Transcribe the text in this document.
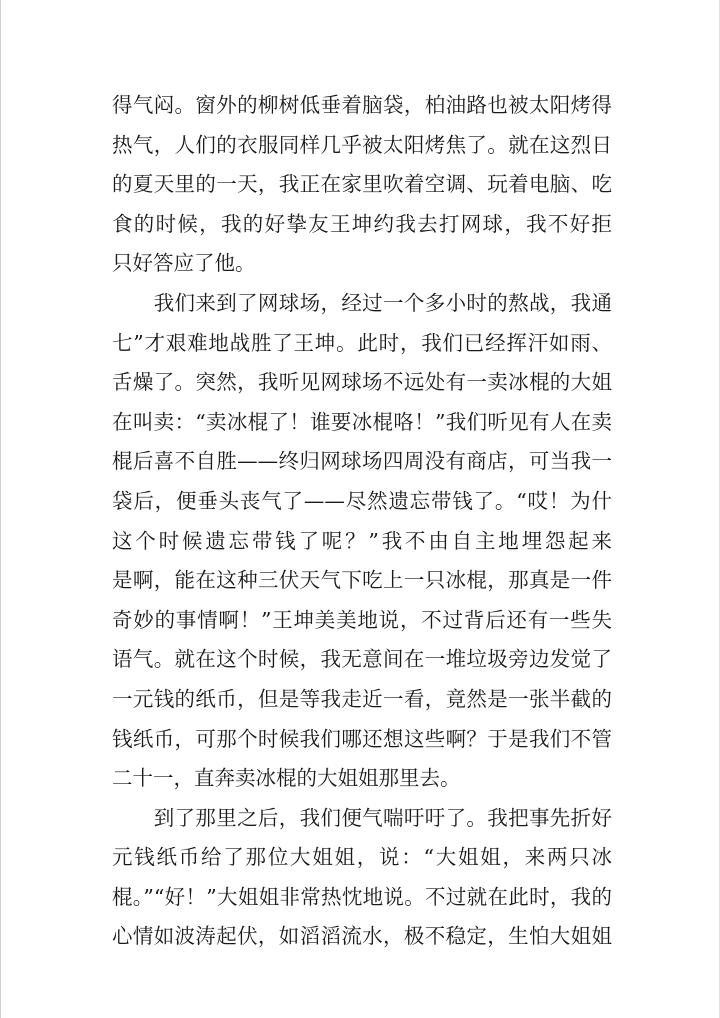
得气闷。窗外的柳树低垂着脑袋，柏油路也被太阳烤得
热气，人们的衣服同样几乎被太阳烤焦了。就在这烈日
的夏天里的一天，我正在家里吹着空调、玩着电脑、吃
食的时候，我的好挚友王坤约我去打网球，我不好拒
只好答应了他。
　　我们来到了网球场，经过一个多小时的熬战，我通
七”才艰难地战胜了王坤。此时，我们已经挥汗如雨、
舌燥了。突然，我听见网球场不远处有一卖冰棍的大姐
在叫卖：“卖冰棍了！谁要冰棍咯！”我们听见有人在卖
棍后喜不自胜——终归网球场四周没有商店，可当我一
袋后，便垂头丧气了——尽然遗忘带钱了。“哎！为什
这个时候遗忘带钱了呢？”我不由自主地埋怨起来
是啊，能在这种三伏天气下吃上一只冰棍，那真是一件
奇妙的事情啊！”王坤美美地说，不过背后还有一些失
语气。就在这个时候，我无意间在一堆垃圾旁边发觉了
一元钱的纸币，但是等我走近一看，竟然是一张半截的
钱纸币，可那个时候我们哪还想这些啊？于是我们不管
二十一，直奔卖冰棍的大姐姐那里去。
　　到了那里之后，我们便气喘吁吁了。我把事先折好
元钱纸币给了那位大姐姐，说：“大姐姐，来两只冰
棍。”“好！”大姐姐非常热忱地说。不过就在此时，我的
心情如波涛起伏，如滔滔流水，极不稳定，生怕大姐姐
